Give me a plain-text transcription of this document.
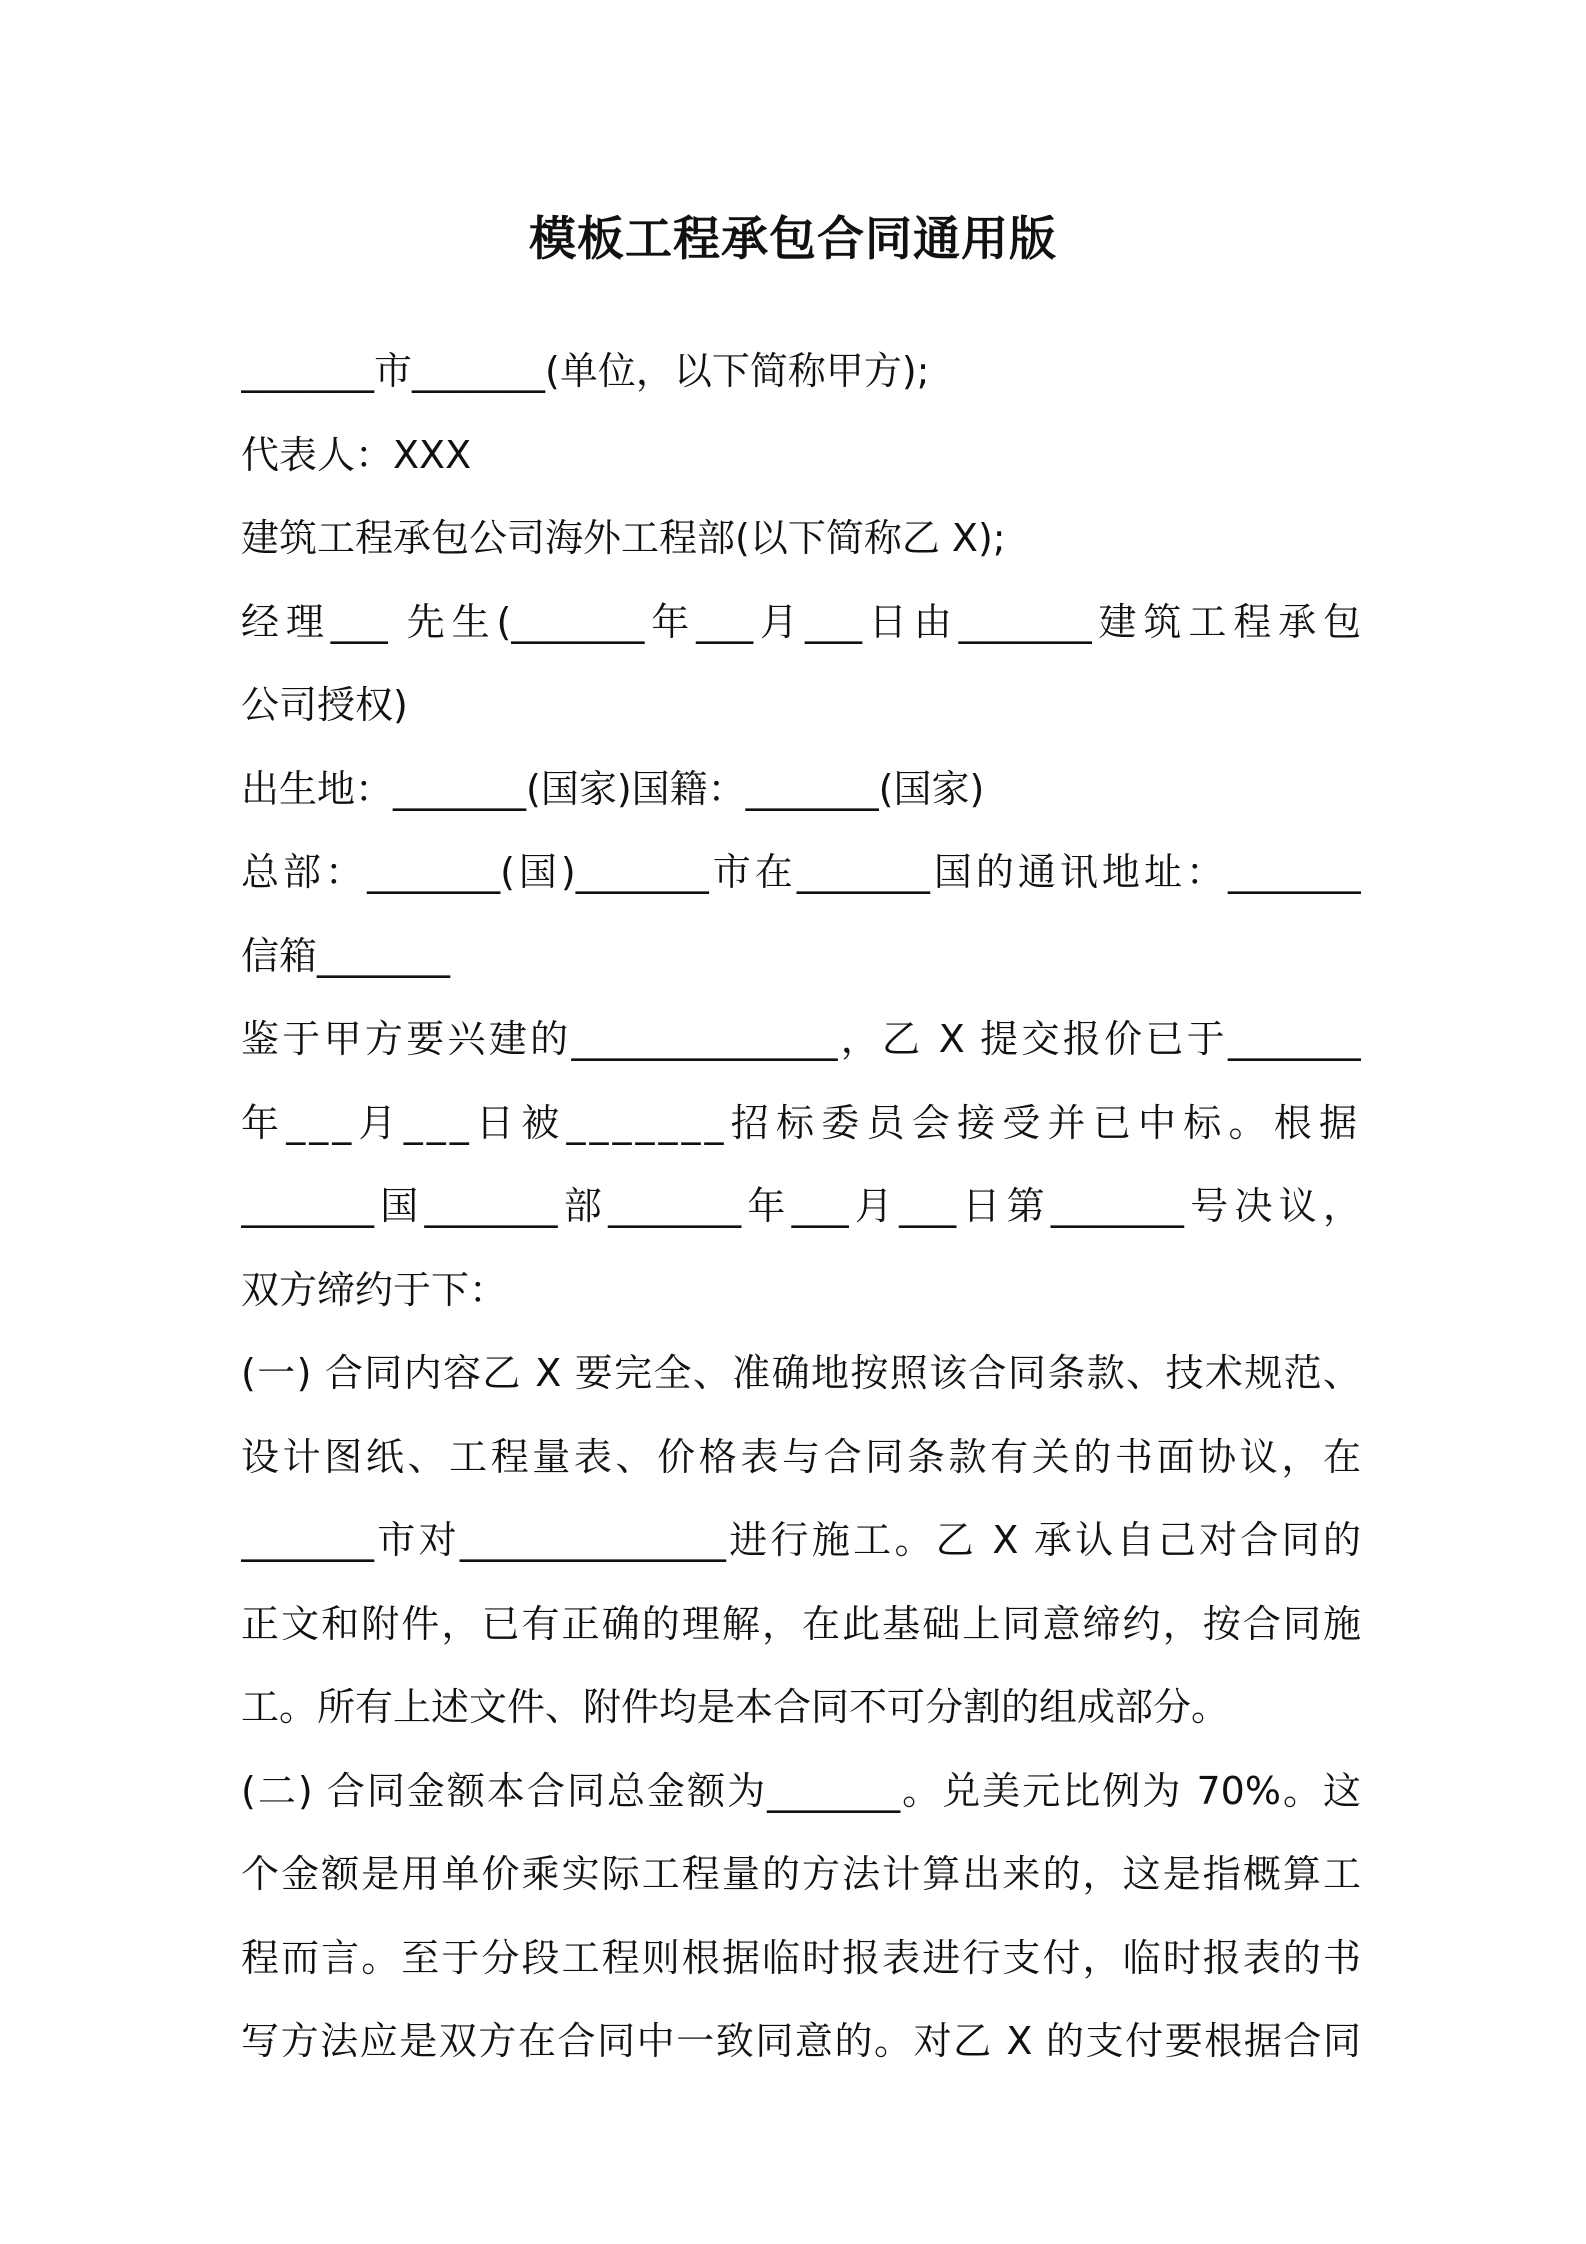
模板工程承包合同通用版
_______市_______(单位，以下简称甲方);
代表人：XXX
建筑工程承包公司海外工程部(以下简称乙 X);
经理___ 先生(_______年___月___日由_______建筑工程承包
公司授权)
出生地：_______(国家)国籍：_______(国家)
总部：_______(国)_______市在_______国的通讯地址：_______
信箱_______
鉴于甲方要兴建的______________，乙 X 提交报价已于_______
年___月___日被_______招标委员会接受并已中标。根据
_______国_______部_______年___月___日第_______号决议，
双方缔约于下：
(一) 合同内容乙 X 要完全、准确地按照该合同条款、技术规范、
设计图纸、工程量表、价格表与合同条款有关的书面协议，在
_______市对______________进行施工。乙 X 承认自己对合同的
正文和附件，已有正确的理解，在此基础上同意缔约，按合同施
工。所有上述文件、附件均是本合同不可分割的组成部分。
(二) 合同金额本合同总金额为_______。兑美元比例为 70%。这
个金额是用单价乘实际工程量的方法计算出来的，这是指概算工
程而言。至于分段工程则根据临时报表进行支付，临时报表的书
写方法应是双方在合同中一致同意的。对乙 X 的支付要根据合同
